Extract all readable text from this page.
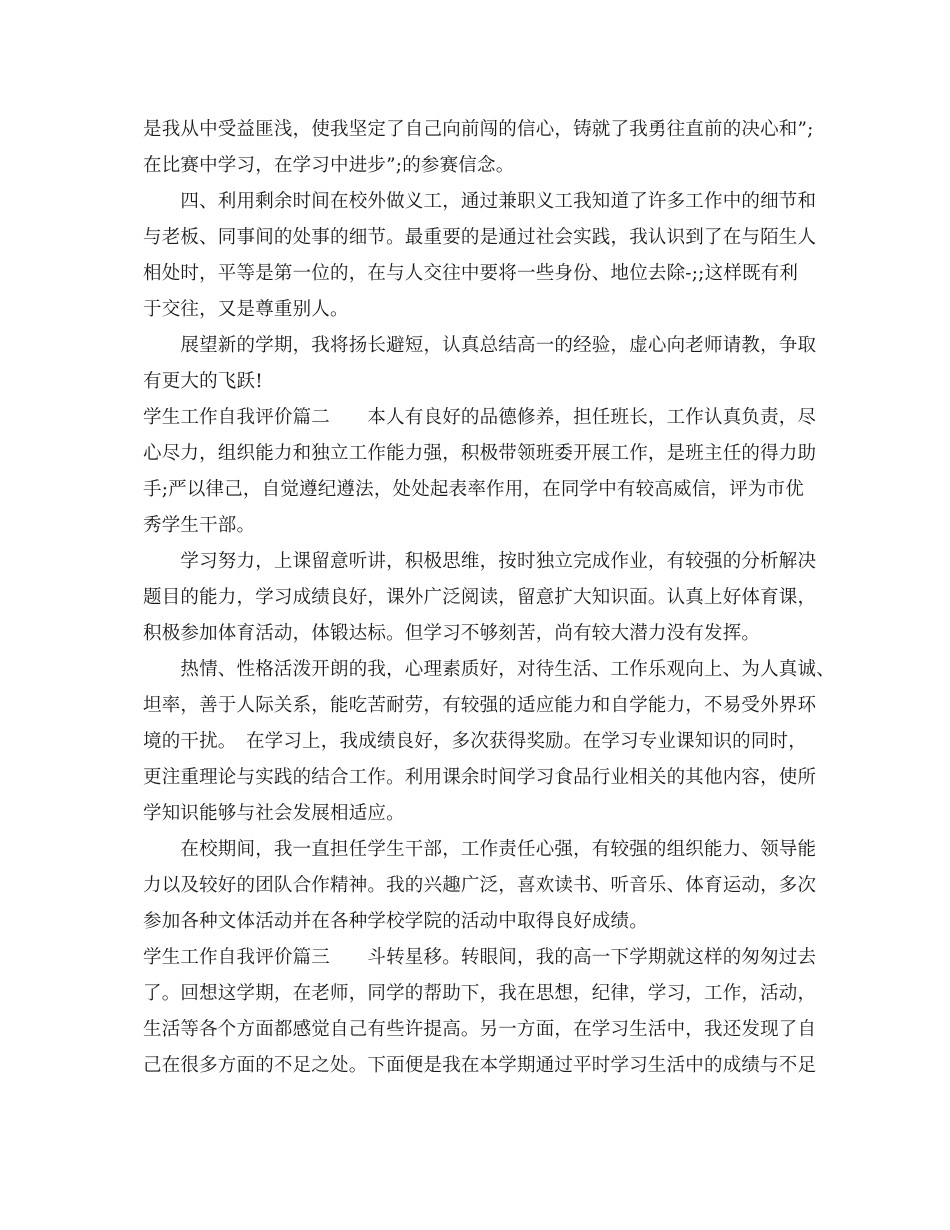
是我从中受益匪浅，使我坚定了自己向前闯的信心，铸就了我勇往直前的决心和”;
在比赛中学习，在学习中进步”;的参赛信念。
　　四、利用剩余时间在校外做义工，通过兼职义工我知道了许多工作中的细节和
与老板、同事间的处事的细节。最重要的是通过社会实践，我认识到了在与陌生人
相处时，平等是第一位的，在与人交往中要将一些身份、地位去除-;;这样既有利
于交往，又是尊重别人。
　　展望新的学期，我将扬长避短，认真总结高一的经验，虚心向老师请教，争取
有更大的飞跃!
学生工作自我评价篇二　　本人有良好的品德修养，担任班长，工作认真负责，尽
心尽力，组织能力和独立工作能力强，积极带领班委开展工作，是班主任的得力助
手;严以律己，自觉遵纪遵法，处处起表率作用，在同学中有较高威信，评为市优
秀学生干部。
　　学习努力，上课留意听讲，积极思维，按时独立完成作业，有较强的分析解决
题目的能力，学习成绩良好，课外广泛阅读，留意扩大知识面。认真上好体育课，
积极参加体育活动，体锻达标。但学习不够刻苦，尚有较大潜力没有发挥。
　　热情、性格活泼开朗的我，心理素质好，对待生活、工作乐观向上、为人真诚、
坦率，善于人际关系，能吃苦耐劳，有较强的适应能力和自学能力，不易受外界环
境的干扰。　在学习上，我成绩良好，多次获得奖励。在学习专业课知识的同时，
更注重理论与实践的结合工作。利用课余时间学习食品行业相关的其他内容，使所
学知识能够与社会发展相适应。
　　在校期间，我一直担任学生干部，工作责任心强，有较强的组织能力、领导能
力以及较好的团队合作精神。我的兴趣广泛，喜欢读书、听音乐、体育运动，多次
参加各种文体活动并在各种学校学院的活动中取得良好成绩。
学生工作自我评价篇三　　斗转星移。转眼间，我的高一下学期就这样的匆匆过去
了。回想这学期，在老师，同学的帮助下，我在思想，纪律，学习，工作，活动，
生活等各个方面都感觉自己有些许提高。另一方面，在学习生活中，我还发现了自
己在很多方面的不足之处。下面便是我在本学期通过平时学习生活中的成绩与不足
